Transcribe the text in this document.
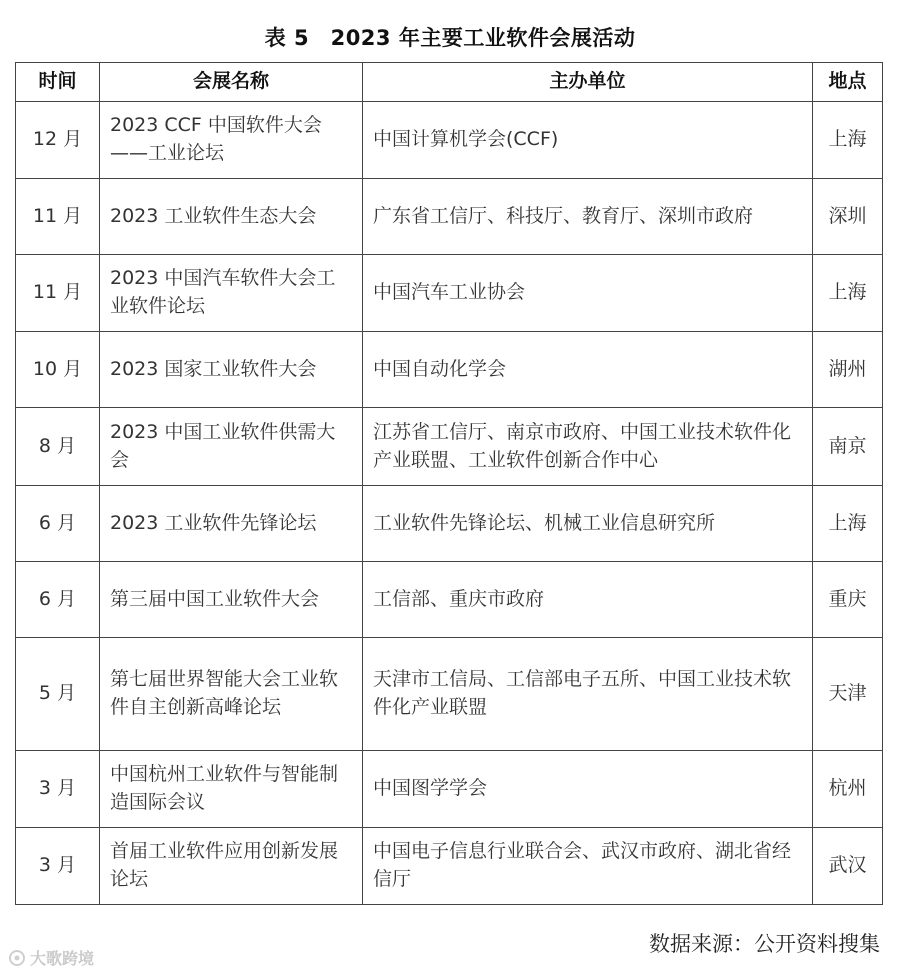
表 5　2023 年主要工业软件会展活动
时间	会展名称	主办单位	地点
12 月	2023 CCF 中国软件大会——工业论坛	中国计算机学会(CCF)	上海
11 月	2023 工业软件生态大会	广东省工信厅、科技厅、教育厅、深圳市政府	深圳
11 月	2023 中国汽车软件大会工业软件论坛	中国汽车工业协会	上海
10 月	2023 国家工业软件大会	中国自动化学会	湖州
8 月	2023 中国工业软件供需大会	江苏省工信厅、南京市政府、中国工业技术软件化产业联盟、工业软件创新合作中心	南京
6 月	2023 工业软件先锋论坛	工业软件先锋论坛、机械工业信息研究所	上海
6 月	第三届中国工业软件大会	工信部、重庆市政府	重庆
5 月	第七届世界智能大会工业软件自主创新高峰论坛	天津市工信局、工信部电子五所、中国工业技术软件化产业联盟	天津
3 月	中国杭州工业软件与智能制造国际会议	中国图学学会	杭州
3 月	首届工业软件应用创新发展论坛	中国电子信息行业联合会、武汉市政府、湖北省经信厅	武汉
数据来源：公开资料搜集
大歌跨境
